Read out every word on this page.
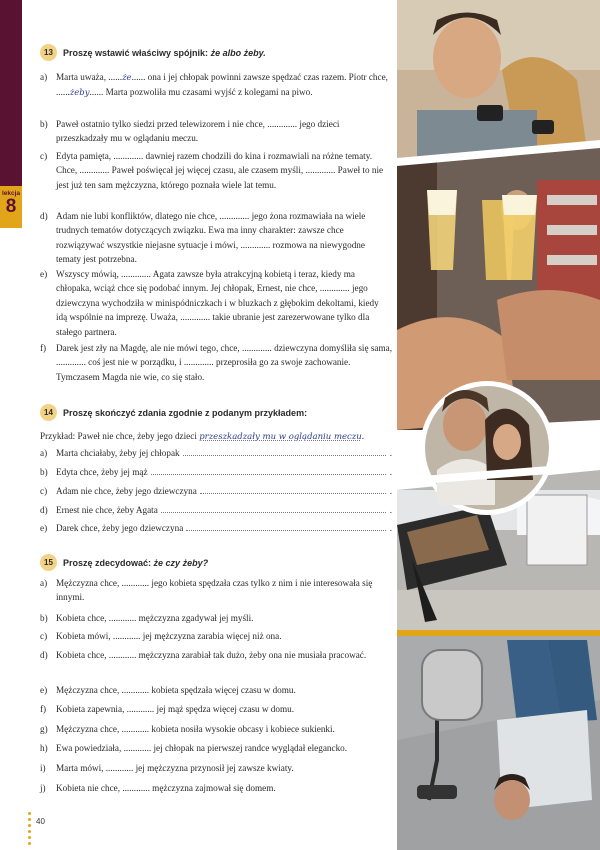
lekcja
8
13	Proszę wstawić właściwy spójnik: że albo żeby.
a) Marta uważa, ......że...... ona i jej chłopak powinni zawsze spędzać czas razem. Piotr chce, ......żeby...... Marta pozwoliła mu czasami wyjść z kolegami na piwo.
b) Paweł ostatnio tylko siedzi przed telewizorem i nie chce, ............. jego dzieci przeszkadzały mu w oglądaniu meczu.
c) Edyta pamięta, ............. dawniej razem chodzili do kina i rozmawiali na różne tematy. Chce, ............. Paweł poświęcał jej więcej czasu, ale czasem myśli, ............. Paweł to nie jest już ten sam mężczyzna, którego poznała wiele lat temu.
d) Adam nie lubi konfliktów, dlatego nie chce, ............. jego żona rozmawiała na wiele trudnych tematów dotyczących związku. Ewa ma inny charakter: zawsze chce rozwiązywać wszystkie niejasne sytuacje i mówi, ............. rozmowa na niewygodne tematy jest potrzebna.
e) Wszyscy mówią, ............. Agata zawsze była atrakcyjną kobietą i teraz, kiedy ma chłopaka, wciąż chce się podobać innym. Jej chłopak, Ernest, nie chce, ............. jego dziewczyna wychodziła w minispódniczkach i w bluzkach z głębokim dekoltami, kiedy idą wspólnie na imprezę. Uważa, ............. takie ubranie jest zarezerwowane tylko dla stałego partnera.
f)	Darek jest zły na Magdę, ale nie mówi tego, chce, ............. dziewczyna domyśliła się sama, ............. coś jest nie w porządku, i ............. przeprosiła go za swoje zachowanie. Tymczasem Magda nie wie, co się stało.
14	Proszę skończyć zdania zgodnie z podanym przykładem:
Przykład: Paweł nie chce, żeby jego dzieci przeszkadzały mu w oglądaniu meczu.
a) Marta chciałaby, żeby jej chłopak	.
b) Edyta chce, żeby jej mąż	.
c) Adam nie chce, żeby jego dziewczyna	.
d) Ernest nie chce, żeby Agata	.
e) Darek chce, żeby jego dziewczyna	.
15	Proszę zdecydować: że czy żeby?
a) Mężczyzna chce, ............ jego kobieta spędzała czas tylko z nim i nie interesowała się innymi.
b) Kobieta chce, ............ mężczyzna zgadywał jej myśli.
c) Kobieta mówi, ............ jej mężczyzna zarabia więcej niż ona.
d) Kobieta chce, ............ mężczyzna zarabiał tak dużo, żeby ona nie musiała pracować.
e) Mężczyzna chce, ............ kobieta spędzała więcej czasu w domu.
f)	Kobieta zapewnia, ............ jej mąż spędza więcej czasu w domu.
g) Mężczyzna chce, ............ kobieta nosiła wysokie obcasy i kobiece sukienki.
h) Ewa powiedziała, ............ jej chłopak na pierwszej randce wyglądał elegancko.
i)	Marta mówi, ............ jej mężczyzna przynosił jej zawsze kwiaty.
j)	Kobieta nie chce, ............ mężczyzna zajmował się domem.
40
